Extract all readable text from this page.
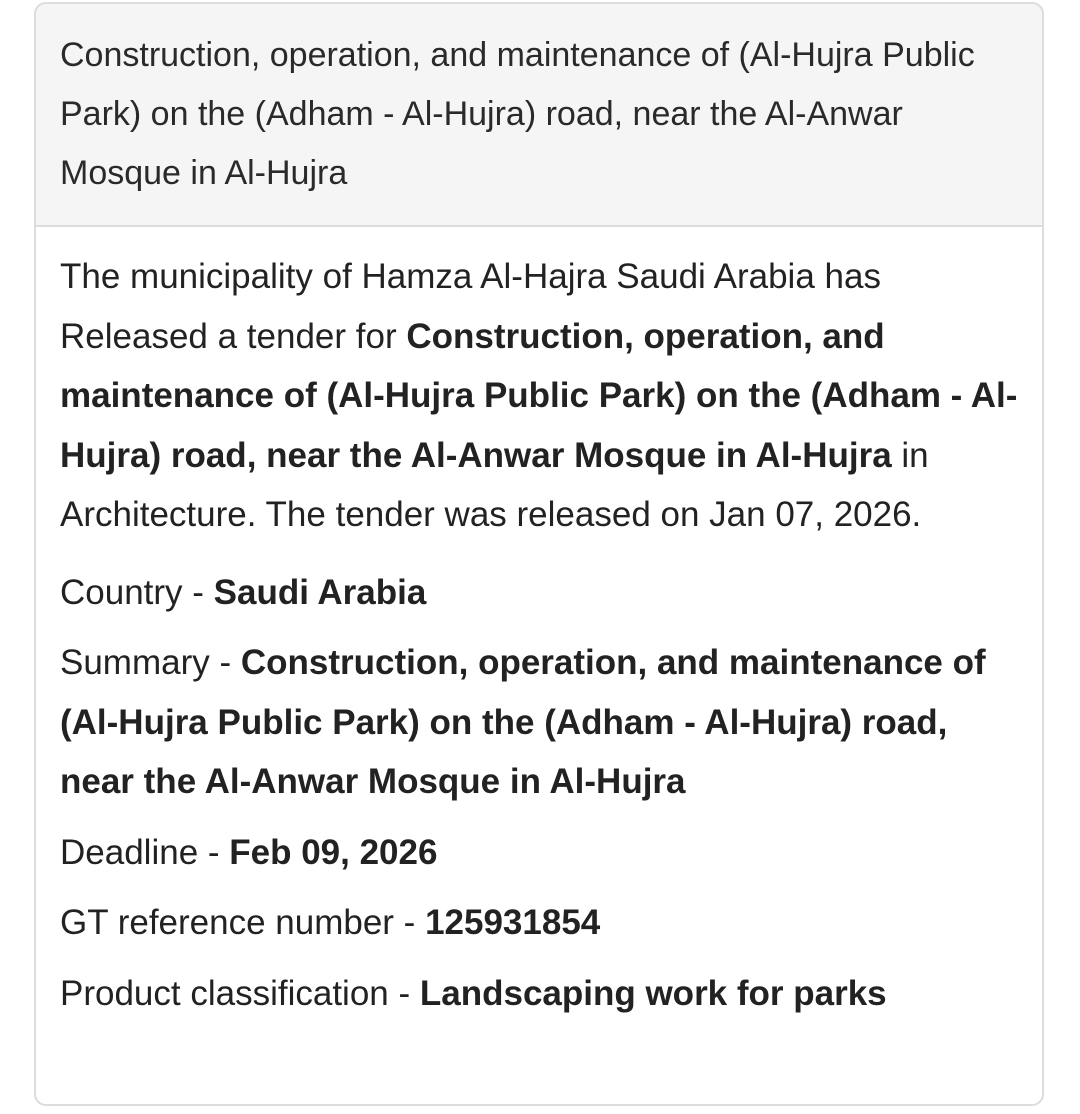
Construction, operation, and maintenance of (Al-Hujra Public Park) on the (Adham - Al-Hujra) road, near the Al-Anwar Mosque in Al-Hujra

The municipality of Hamza Al-Hajra Saudi Arabia has Released a tender for Construction, operation, and maintenance of (Al-Hujra Public Park) on the (Adham - Al-Hujra) road, near the Al-Anwar Mosque in Al-Hujra in Architecture. The tender was released on Jan 07, 2026.

Country - Saudi Arabia
Summary - Construction, operation, and maintenance of (Al-Hujra Public Park) on the (Adham - Al-Hujra) road, near the Al-Anwar Mosque in Al-Hujra
Deadline - Feb 09, 2026
GT reference number - 125931854
Product classification - Landscaping work for parks
